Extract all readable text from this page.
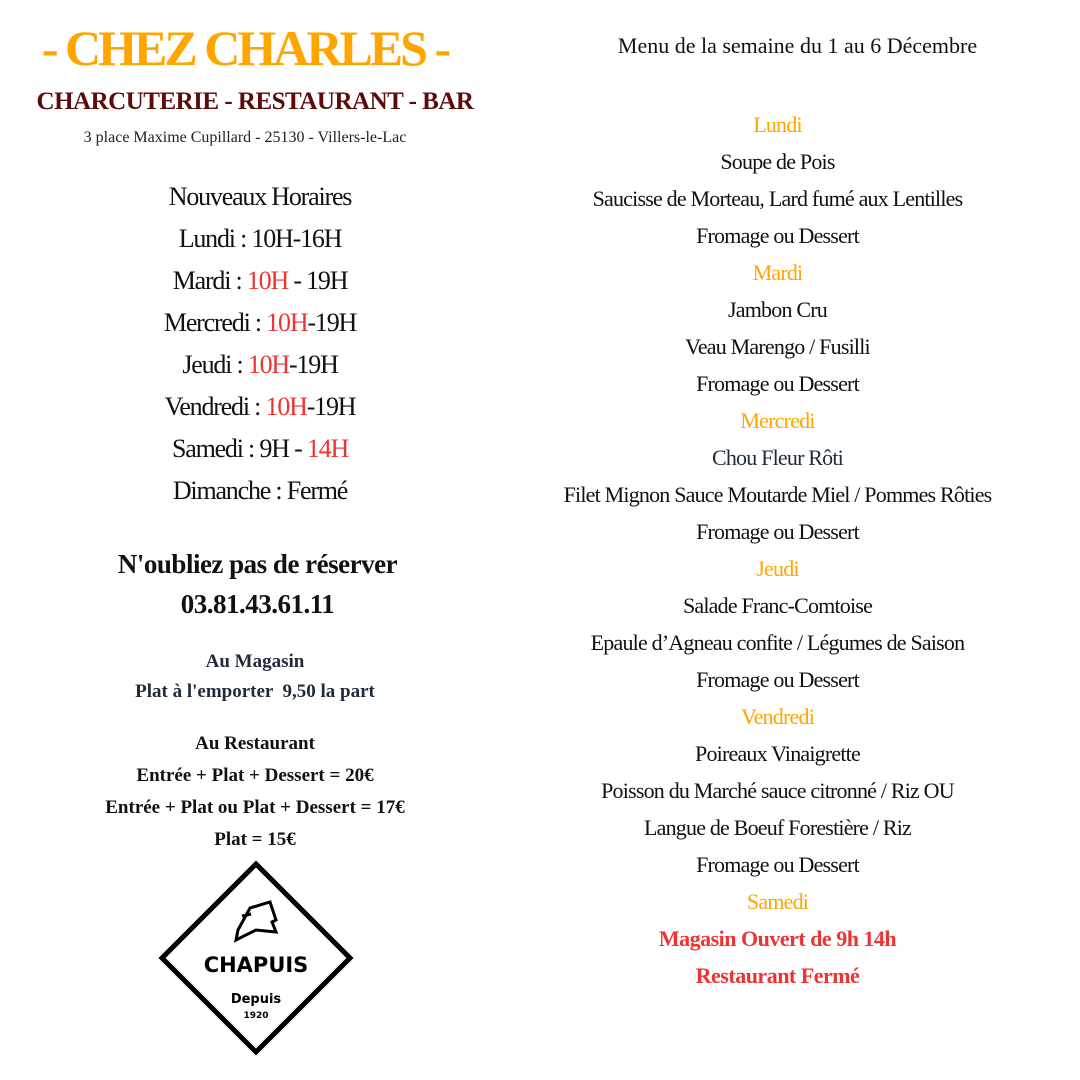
- CHEZ CHARLES -
CHARCUTERIE - RESTAURANT - BAR
3 place Maxime Cupillard - 25130 - Villers-le-Lac
Nouveaux Horaires
Lundi : 10H-16H
Mardi : 10H - 19H
Mercredi : 10H-19H
Jeudi : 10H-19H
Vendredi : 10H-19H
Samedi : 9H - 14H
Dimanche : Fermé
N'oubliez pas de réserver
03.81.43.61.11
Au Magasin
Plat à l'emporter  9,50 la part
Au Restaurant
Entrée + Plat + Dessert = 20€
Entrée + Plat ou Plat + Dessert = 17€
Plat = 15€
CHAPUIS
Depuis
1920
Menu de la semaine du 1 au 6 Décembre
Lundi
Soupe de Pois
Saucisse de Morteau, Lard fumé aux Lentilles
Fromage ou Dessert
Mardi
Jambon Cru
Veau Marengo / Fusilli
Fromage ou Dessert
Mercredi
Chou Fleur Rôti
Filet Mignon Sauce Moutarde Miel / Pommes Rôties
Fromage ou Dessert
Jeudi
Salade Franc-Comtoise
Epaule d’Agneau confite / Légumes de Saison
Fromage ou Dessert
Vendredi
Poireaux Vinaigrette
Poisson du Marché sauce citronné / Riz OU
Langue de Boeuf Forestière / Riz
Fromage ou Dessert
Samedi
Magasin Ouvert de 9h 14h
Restaurant Fermé
